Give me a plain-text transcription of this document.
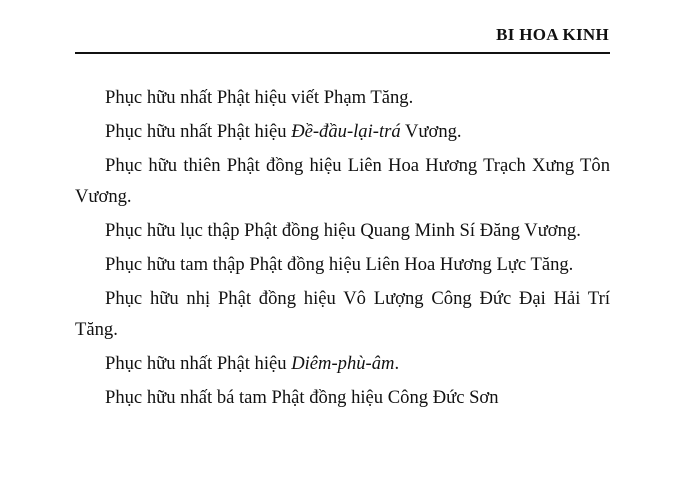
BI HOA KINH

Phục hữu nhất Phật hiệu viết Phạm Tăng.

Phục hữu nhất Phật hiệu Đề-đầu-lại-trá Vương.

Phục hữu thiên Phật đồng hiệu Liên Hoa Hương Trạch Xưng Tôn Vương.

Phục hữu lục thập Phật đồng hiệu Quang Minh Sí Đăng Vương.

Phục hữu tam thập Phật đồng hiệu Liên Hoa Hương Lực Tăng.

Phục hữu nhị Phật đồng hiệu Vô Lượng Công Đức Đại Hải Trí Tăng.

Phục hữu nhất Phật hiệu Diêm-phù-âm.

Phục hữu nhất bá tam Phật đồng hiệu Công Đức Sơn
